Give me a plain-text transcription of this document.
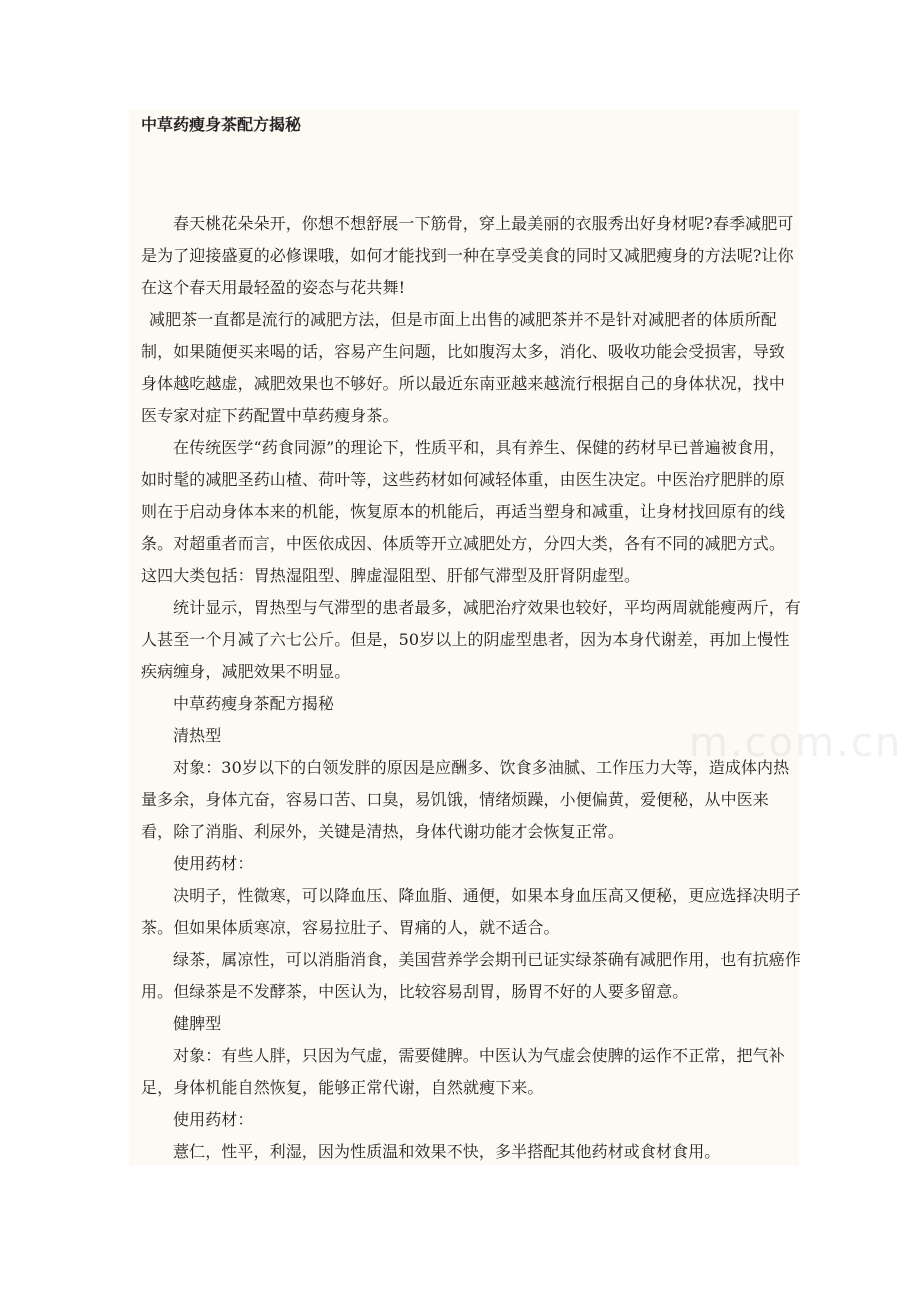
中草药瘦身茶配方揭秘

春天桃花朵朵开，你想不想舒展一下筋骨，穿上最美丽的衣服秀出好身材呢?春季减肥可是为了迎接盛夏的必修课哦，如何才能找到一种在享受美食的同时又减肥瘦身的方法呢?让你在这个春天用最轻盈的姿态与花共舞!

减肥茶一直都是流行的减肥方法，但是市面上出售的减肥茶并不是针对减肥者的体质所配制，如果随便买来喝的话，容易产生问题，比如腹泻太多，消化、吸收功能会受损害，导致身体越吃越虚，减肥效果也不够好。所以最近东南亚越来越流行根据自己的身体状况，找中医专家对症下药配置中草药瘦身茶。

在传统医学“药食同源”的理论下，性质平和，具有养生、保健的药材早已普遍被食用，如时髦的减肥圣药山楂、荷叶等，这些药材如何减轻体重，由医生决定。中医治疗肥胖的原则在于启动身体本来的机能，恢复原本的机能后，再适当塑身和减重，让身材找回原有的线条。对超重者而言，中医依成因、体质等开立减肥处方，分四大类，各有不同的减肥方式。这四大类包括：胃热湿阻型、脾虚湿阻型、肝郁气滞型及肝肾阴虚型。

统计显示，胃热型与气滞型的患者最多，减肥治疗效果也较好，平均两周就能瘦两斤，有人甚至一个月减了六七公斤。但是，50岁以上的阴虚型患者，因为本身代谢差，再加上慢性疾病缠身，减肥效果不明显。

中草药瘦身茶配方揭秘

清热型

对象：30岁以下的白领发胖的原因是应酬多、饮食多油腻、工作压力大等，造成体内热量多余，身体亢奋，容易口苦、口臭，易饥饿，情绪烦躁，小便偏黄，爱便秘，从中医来看，除了消脂、利尿外，关键是清热，身体代谢功能才会恢复正常。

使用药材：

决明子，性微寒，可以降血压、降血脂、通便，如果本身血压高又便秘，更应选择决明子茶。但如果体质寒凉，容易拉肚子、胃痛的人，就不适合。

绿茶，属凉性，可以消脂消食，美国营养学会期刊已证实绿茶确有减肥作用，也有抗癌作用。但绿茶是不发酵茶，中医认为，比较容易刮胃，肠胃不好的人要多留意。

健脾型

对象：有些人胖，只因为气虚，需要健脾。中医认为气虚会使脾的运作不正常，把气补足，身体机能自然恢复，能够正常代谢，自然就瘦下来。

使用药材：

薏仁，性平，利湿，因为性质温和效果不快，多半搭配其他药材或食材食用。

m.com.cn
